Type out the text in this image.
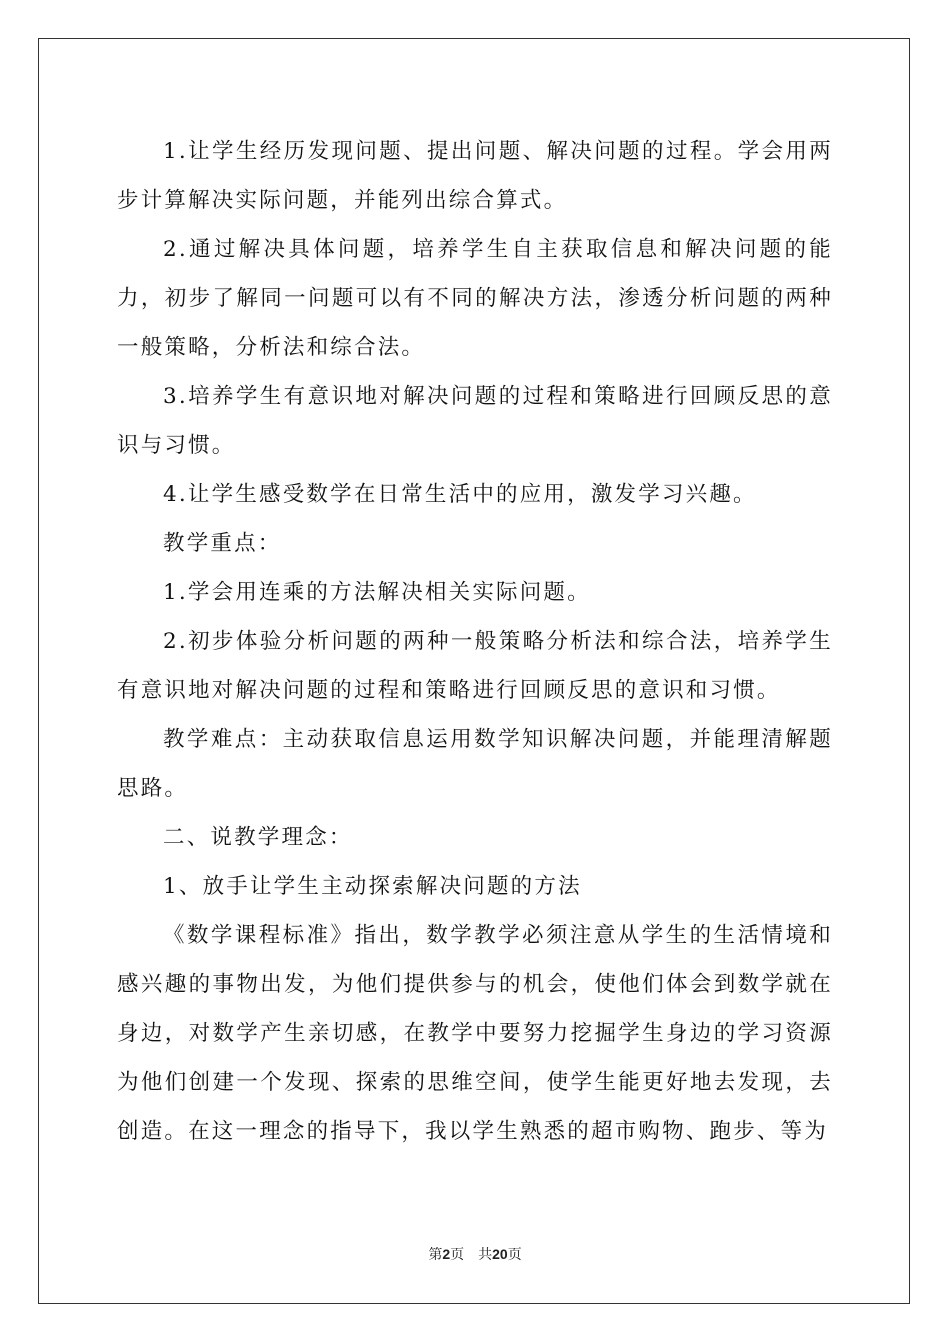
1.让学生经历发现问题、提出问题、解决问题的过程。学会用两步计算解决实际问题，并能列出综合算式。

2.通过解决具体问题，培养学生自主获取信息和解决问题的能力，初步了解同一问题可以有不同的解决方法，渗透分析问题的两种一般策略，分析法和综合法。

3.培养学生有意识地对解决问题的过程和策略进行回顾反思的意识与习惯。

4.让学生感受数学在日常生活中的应用，激发学习兴趣。

教学重点：

1.学会用连乘的方法解决相关实际问题。

2.初步体验分析问题的两种一般策略分析法和综合法，培养学生有意识地对解决问题的过程和策略进行回顾反思的意识和习惯。

教学难点：主动获取信息运用数学知识解决问题，并能理清解题思路。

二、说教学理念：

1、放手让学生主动探索解决问题的方法

《数学课程标准》指出，数学教学必须注意从学生的生活情境和感兴趣的事物出发，为他们提供参与的机会，使他们体会到数学就在身边，对数学产生亲切感，在教学中要努力挖掘学生身边的学习资源为他们创建一个发现、探索的思维空间，使学生能更好地去发现，去创造。在这一理念的指导下，我以学生熟悉的超市购物、跑步、等为

第2页 共20页
